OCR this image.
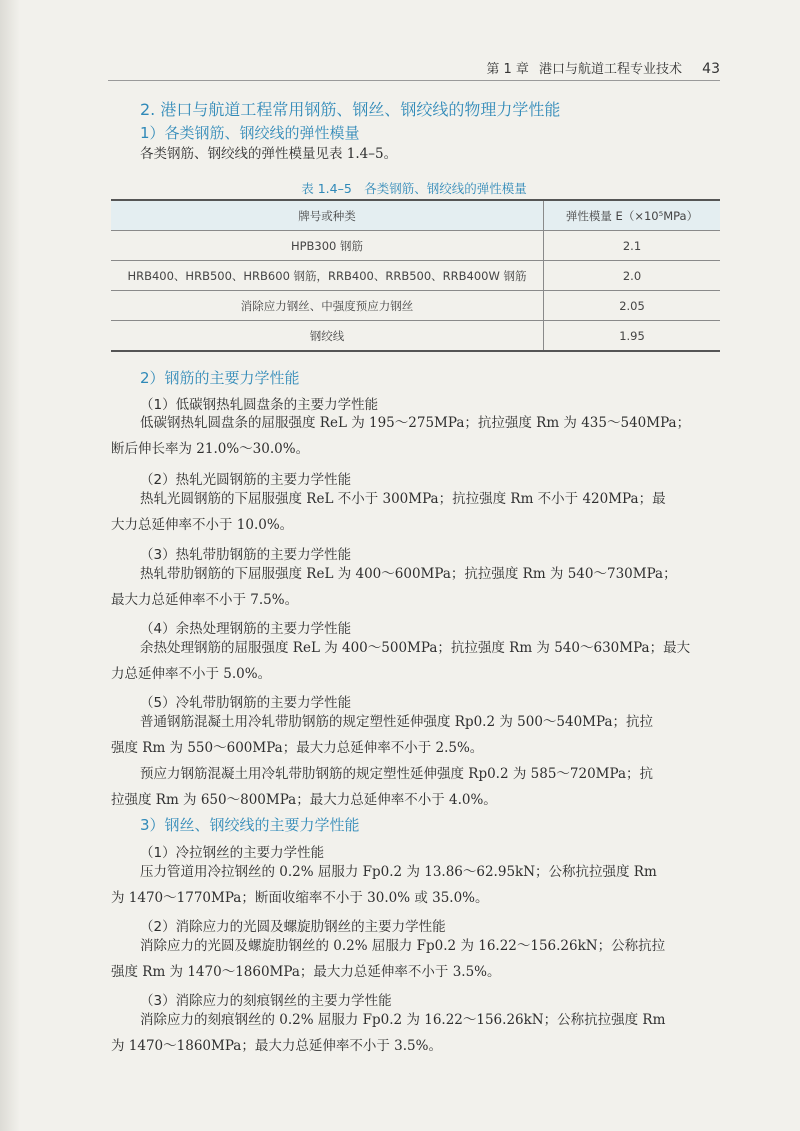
第 1 章 港口与航道工程专业技术 43
2. 港口与航道工程常用钢筋、钢丝、钢绞线的物理力学性能
1）各类钢筋、钢绞线的弹性模量
各类钢筋、钢绞线的弹性模量见表 1.4–5。
表 1.4–5　各类钢筋、钢绞线的弹性模量
牌号或种类	弹性模量 E（×10⁵MPa）
HPB300 钢筋	2.1
HRB400、HRB500、HRB600 钢筋，RRB400、RRB500、RRB400W 钢筋	2.0
消除应力钢丝、中强度预应力钢丝	2.05
钢绞线	1.95
2）钢筋的主要力学性能
（1）低碳钢热轧圆盘条的主要力学性能
低碳钢热轧圆盘条的屈服强度 ReL 为 195～275MPa；抗拉强度 Rm 为 435～540MPa；
断后伸长率为 21.0%～30.0%。
（2）热轧光圆钢筋的主要力学性能
热轧光圆钢筋的下屈服强度 ReL 不小于 300MPa；抗拉强度 Rm 不小于 420MPa；最
大力总延伸率不小于 10.0%。
（3）热轧带肋钢筋的主要力学性能
热轧带肋钢筋的下屈服强度 ReL 为 400～600MPa；抗拉强度 Rm 为 540～730MPa；
最大力总延伸率不小于 7.5%。
（4）余热处理钢筋的主要力学性能
余热处理钢筋的屈服强度 ReL 为 400～500MPa；抗拉强度 Rm 为 540～630MPa；最大
力总延伸率不小于 5.0%。
（5）冷轧带肋钢筋的主要力学性能
普通钢筋混凝土用冷轧带肋钢筋的规定塑性延伸强度 Rp0.2 为 500～540MPa；抗拉
强度 Rm 为 550～600MPa；最大力总延伸率不小于 2.5%。
预应力钢筋混凝土用冷轧带肋钢筋的规定塑性延伸强度 Rp0.2 为 585～720MPa；抗
拉强度 Rm 为 650～800MPa；最大力总延伸率不小于 4.0%。
3）钢丝、钢绞线的主要力学性能
（1）冷拉钢丝的主要力学性能
压力管道用冷拉钢丝的 0.2% 屈服力 Fp0.2 为 13.86～62.95kN；公称抗拉强度 Rm
为 1470～1770MPa；断面收缩率不小于 30.0% 或 35.0%。
（2）消除应力的光圆及螺旋肋钢丝的主要力学性能
消除应力的光圆及螺旋肋钢丝的 0.2% 屈服力 Fp0.2 为 16.22～156.26kN；公称抗拉
强度 Rm 为 1470～1860MPa；最大力总延伸率不小于 3.5%。
（3）消除应力的刻痕钢丝的主要力学性能
消除应力的刻痕钢丝的 0.2% 屈服力 Fp0.2 为 16.22～156.26kN；公称抗拉强度 Rm
为 1470～1860MPa；最大力总延伸率不小于 3.5%。
